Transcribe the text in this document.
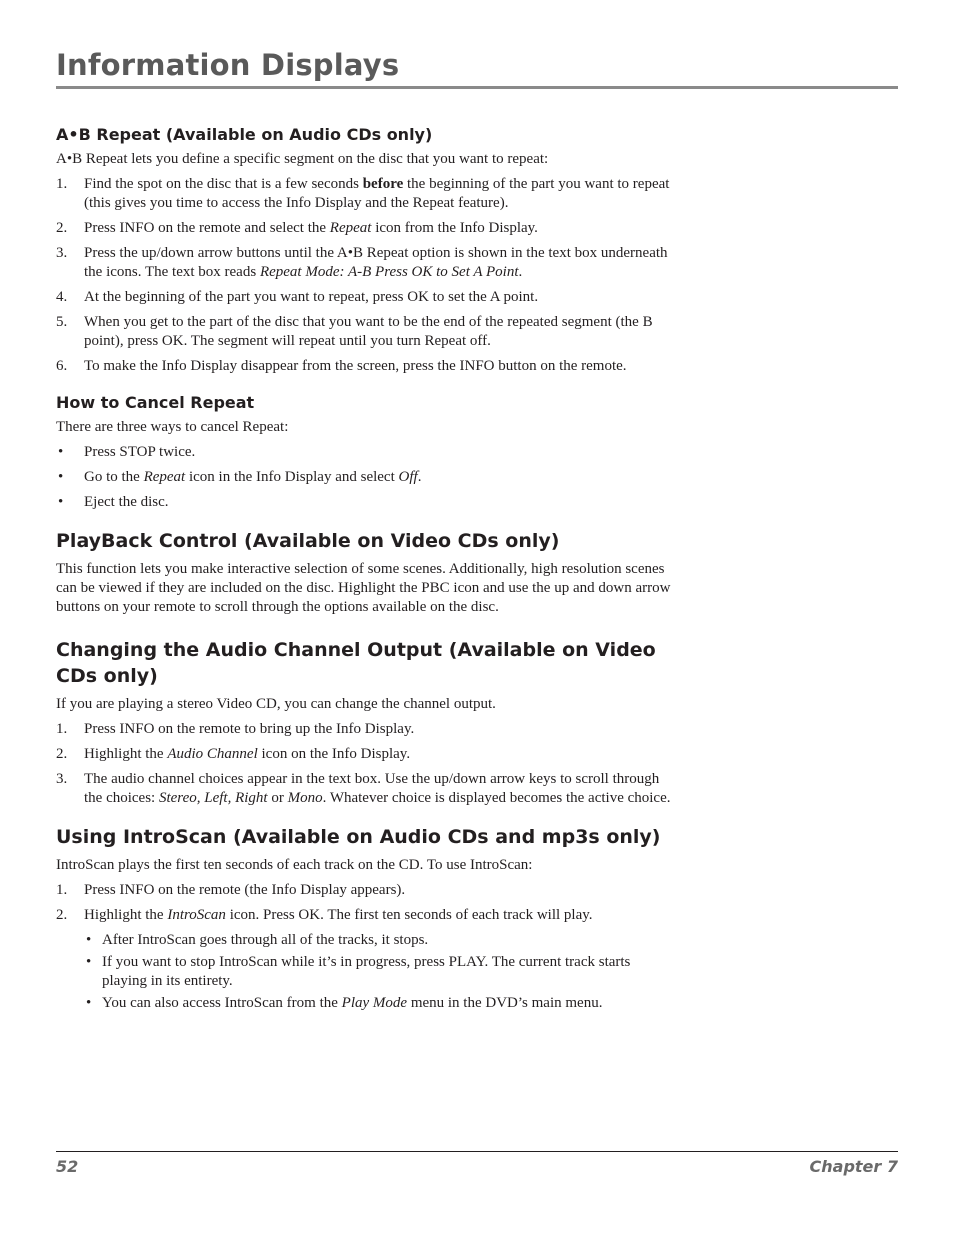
Information Displays
A•B Repeat (Available on Audio CDs only)

A•B Repeat lets you define a specific segment on the disc that you want to repeat:

1. Find the spot on the disc that is a few seconds before the beginning of the part you want to repeat (this gives you time to access the Info Display and the Repeat feature).
2. Press INFO on the remote and select the Repeat icon from the Info Display.
3. Press the up/down arrow buttons until the A•B Repeat option is shown in the text box underneath the icons. The text box reads Repeat Mode: A-B Press OK to Set A Point.
4. At the beginning of the part you want to repeat, press OK to set the A point.
5. When you get to the part of the disc that you want to be the end of the repeated segment (the B point), press OK. The segment will repeat until you turn Repeat off.
6. To make the Info Display disappear from the screen, press the INFO button on the remote.
How to Cancel Repeat

There are three ways to cancel Repeat:

• Press STOP twice.
• Go to the Repeat icon in the Info Display and select Off.
• Eject the disc.
PlayBack Control (Available on Video CDs only)

This function lets you make interactive selection of some scenes. Additionally, high resolution scenes can be viewed if they are included on the disc. Highlight the PBC icon and use the up and down arrow buttons on your remote to scroll through the options available on the disc.

Changing the Audio Channel Output (Available on Video CDs only)

If you are playing a stereo Video CD, you can change the channel output.

1. Press INFO on the remote to bring up the Info Display.
2. Highlight the Audio Channel icon on the Info Display.
3. The audio channel choices appear in the text box. Use the up/down arrow keys to scroll through the choices: Stereo, Left, Right or Mono. Whatever choice is displayed becomes the active choice.
Using IntroScan (Available on Audio CDs and mp3s only)

IntroScan plays the first ten seconds of each track on the CD. To use IntroScan:

1. Press INFO on the remote (the Info Display appears).
2. Highlight the IntroScan icon. Press OK. The first ten seconds of each track will play.
• After IntroScan goes through all of the tracks, it stops.
• If you want to stop IntroScan while it’s in progress, press PLAY. The current track starts playing in its entirety.
• You can also access IntroScan from the Play Mode menu in the DVD’s main menu.
52	Chapter 7
